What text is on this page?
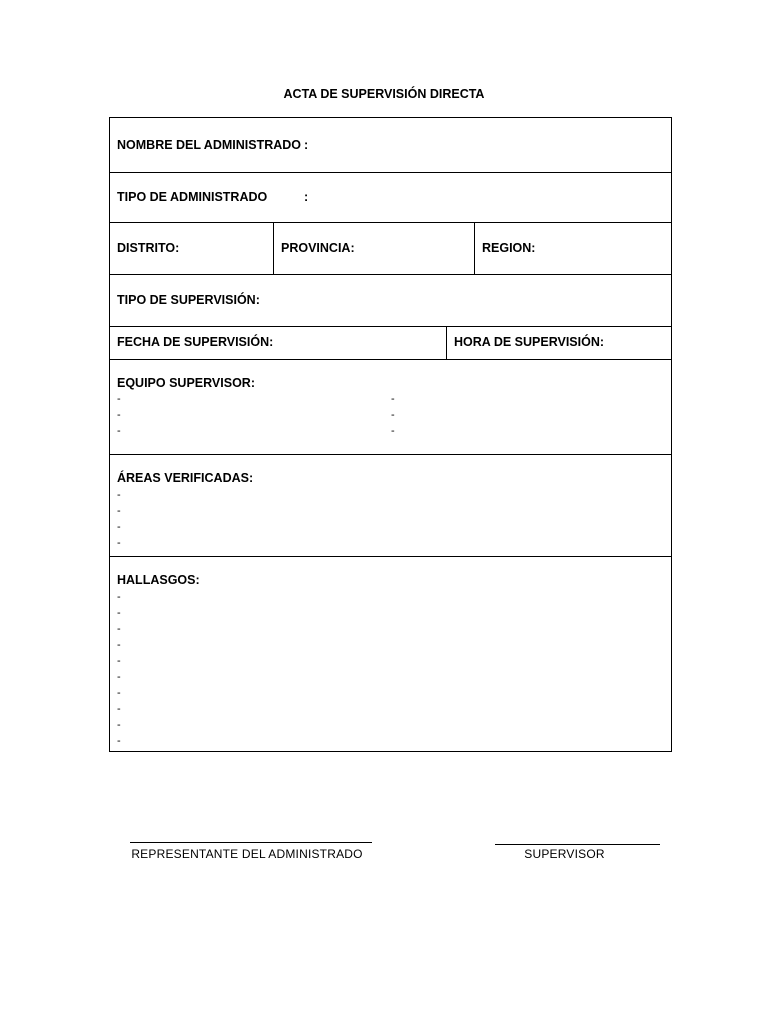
ACTA DE SUPERVISIÓN DIRECTA
NOMBRE DEL ADMINISTRADO :
TIPO DE ADMINISTRADO	:
DISTRITO:	PROVINCIA:	REGION:
TIPO DE SUPERVISIÓN:
FECHA DE SUPERVISIÓN:	HORA DE SUPERVISIÓN:
EQUIPO SUPERVISOR:
-
-
-
-
-
-
ÁREAS VERIFICADAS:
-
-
-
-
HALLASGOS:
-
-
-
-
-
-
-
-
-
-
REPRESENTANTE DEL ADMINISTRADO	SUPERVISOR
